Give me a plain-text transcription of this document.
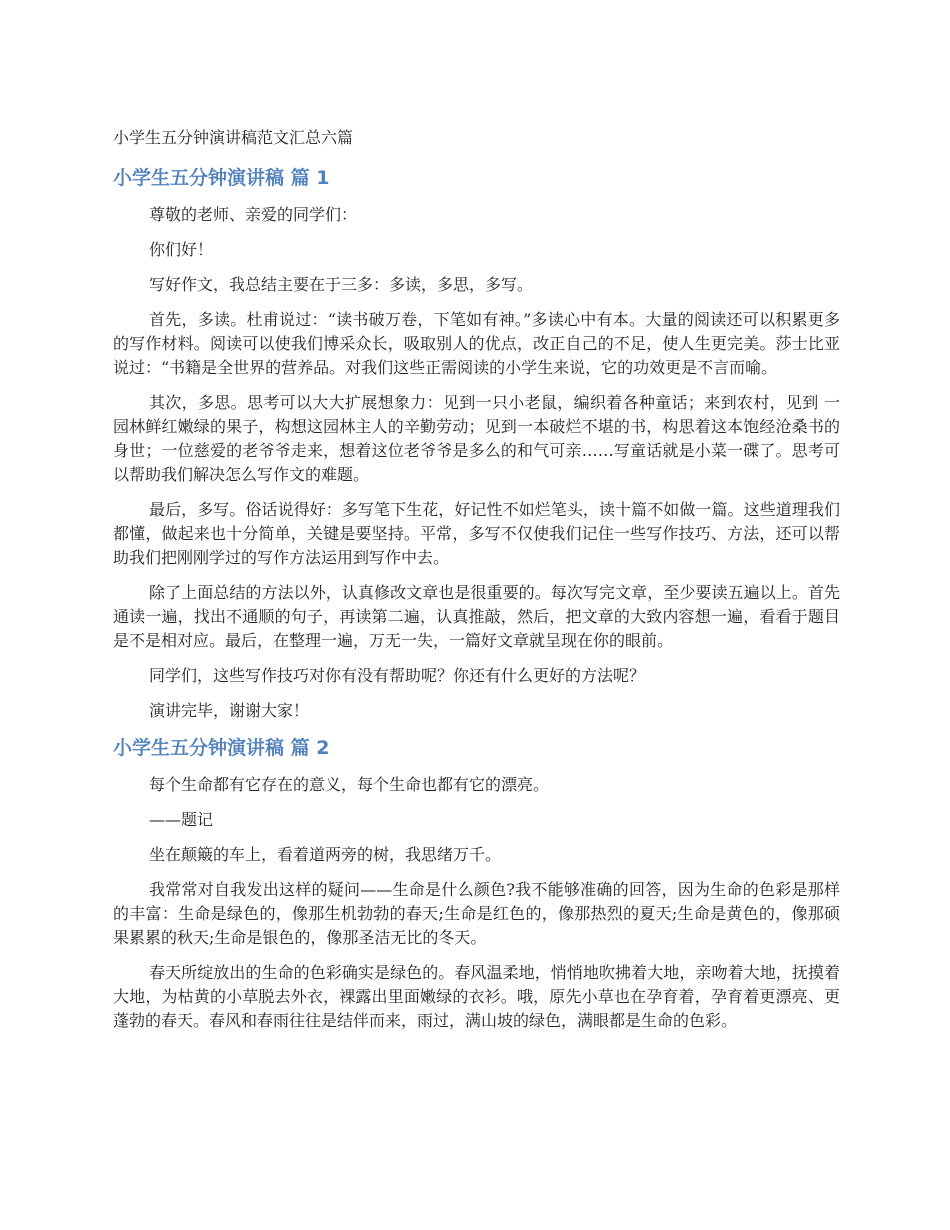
小学生五分钟演讲稿范文汇总六篇
小学生五分钟演讲稿 篇 1

尊敬的老师、亲爱的同学们：

你们好！

写好作文，我总结主要在于三多：多读，多思，多写。

首先，多读。杜甫说过：“读书破万卷，下笔如有神。”多读心中有本。大量的阅读还可以积累更多的写作材料。阅读可以使我们博采众长，吸取别人的优点，改正自己的不足，使人生更完美。莎士比亚说过：“书籍是全世界的营养品。对我们这些正需阅读的小学生来说，它的功效更是不言而喻。

其次，多思。思考可以大大扩展想象力：见到一只小老鼠，编织着各种童话；来到农村，见到 一园林鲜红嫩绿的果子，构想这园林主人的辛勤劳动；见到一本破烂不堪的书，构思着这本饱经沧桑书的身世；一位慈爱的老爷爷走来，想着这位老爷爷是多么的和气可亲……写童话就是小菜一碟了。思考可以帮助我们解决怎么写作文的难题。

最后，多写。俗话说得好：多写笔下生花，好记性不如烂笔头，读十篇不如做一篇。这些道理我们都懂，做起来也十分简单，关键是要坚持。平常，多写不仅使我们记住一些写作技巧、方法，还可以帮助我们把刚刚学过的写作方法运用到写作中去。

除了上面总结的方法以外，认真修改文章也是很重要的。每次写完文章，至少要读五遍以上。首先通读一遍，找出不通顺的句子，再读第二遍，认真推敲，然后，把文章的大致内容想一遍，看看于题目是不是相对应。最后，在整理一遍，万无一失，一篇好文章就呈现在你的眼前。

同学们，这些写作技巧对你有没有帮助呢？你还有什么更好的方法呢？

演讲完毕，谢谢大家！

小学生五分钟演讲稿 篇 2

每个生命都有它存在的意义，每个生命也都有它的漂亮。

——题记

坐在颠簸的车上，看着道两旁的树，我思绪万千。

我常常对自我发出这样的疑问——生命是什么颜色?我不能够准确的回答，因为生命的色彩是那样的丰富：生命是绿色的，像那生机勃勃的春天;生命是红色的，像那热烈的夏天;生命是黄色的，像那硕果累累的秋天;生命是银色的，像那圣洁无比的冬天。

春天所绽放出的生命的色彩确实是绿色的。春风温柔地，悄悄地吹拂着大地，亲吻着大地，抚摸着大地，为枯黄的小草脱去外衣，裸露出里面嫩绿的衣衫。哦，原先小草也在孕育着，孕育着更漂亮、更蓬勃的春天。春风和春雨往往是结伴而来，雨过，满山坡的绿色，满眼都是生命的色彩。
